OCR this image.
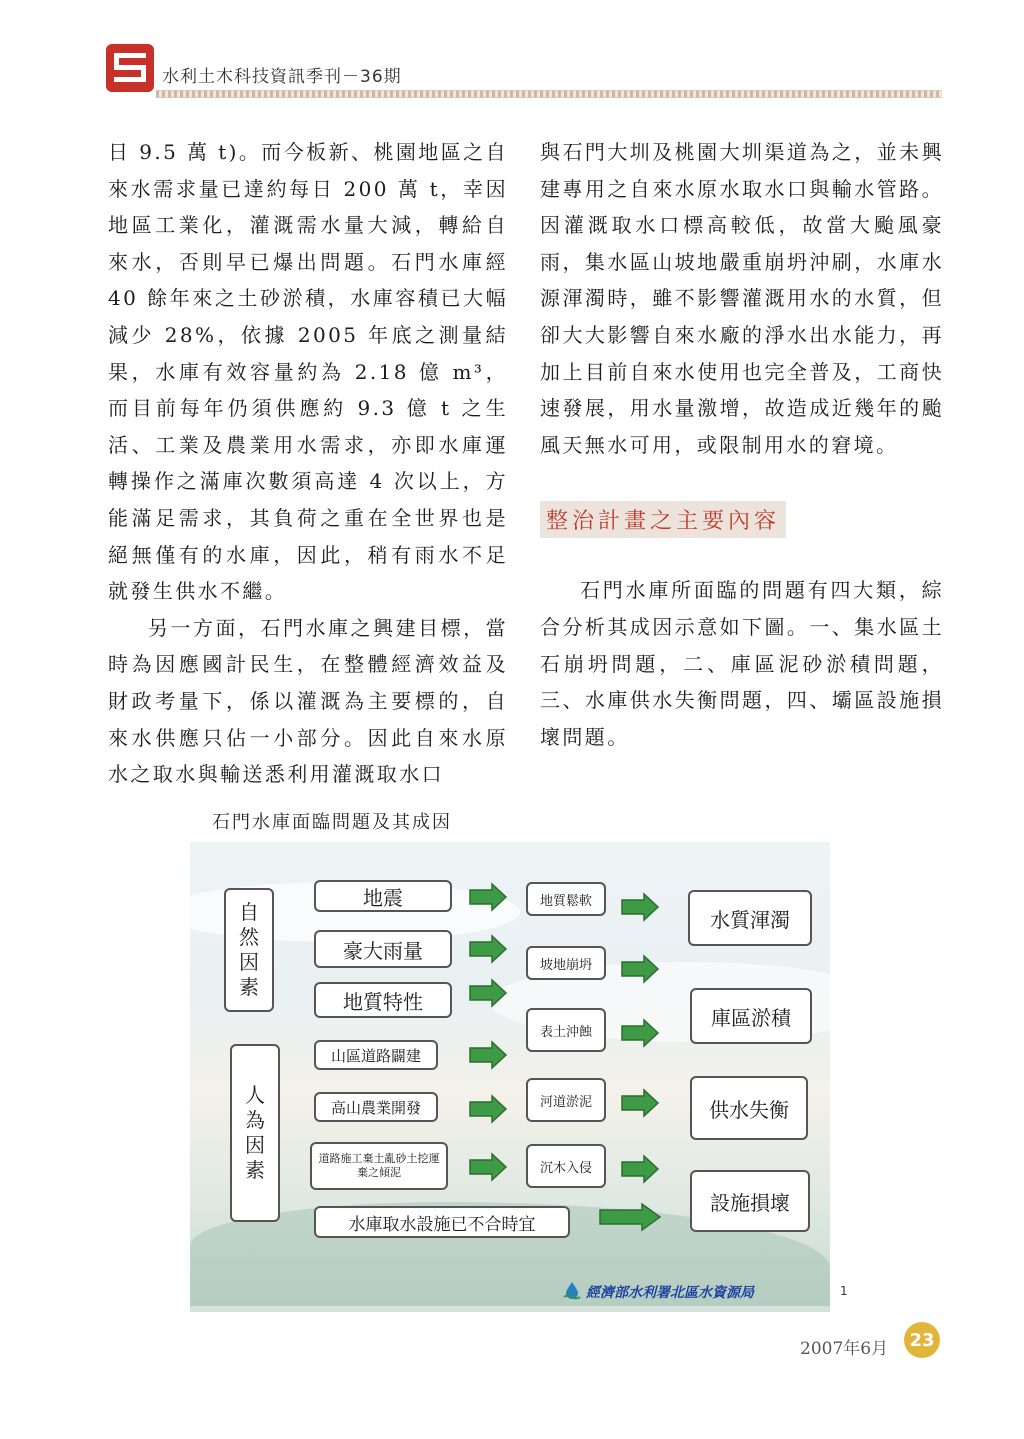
水利土木科技資訊季刊－36期

日 9.5 萬 t)。而今板新、桃園地區之自來水需求量已達約每日 200 萬 t，幸因地區工業化，灌溉需水量大減，轉給自來水，否則早已爆出問題。石門水庫經40 餘年來之土砂淤積，水庫容積已大幅減少 28%，依據 2005 年底之測量結果，水庫有效容量約為 2.18 億 m³，而目前每年仍須供應約 9.3 億 t 之生活、工業及農業用水需求，亦即水庫運轉操作之滿庫次數須高達 4 次以上，方能滿足需求，其負荷之重在全世界也是絕無僅有的水庫，因此，稍有雨水不足就發生供水不繼。

另一方面，石門水庫之興建目標，當時為因應國計民生，在整體經濟效益及財政考量下，係以灌溉為主要標的，自來水供應只佔一小部分。因此自來水原水之取水與輸送悉利用灌溉取水口

與石門大圳及桃園大圳渠道為之，並未興建專用之自來水原水取水口與輸水管路。因灌溉取水口標高較低，故當大颱風豪雨，集水區山坡地嚴重崩坍沖刷，水庫水源渾濁時，雖不影響灌溉用水的水質，但卻大大影響自來水廠的淨水出水能力，再加上目前自來水使用也完全普及，工商快速發展，用水量激增，故造成近幾年的颱風天無水可用，或限制用水的窘境。

整治計畫之主要內容

石門水庫所面臨的問題有四大類，綜合分析其成因示意如下圖。一、集水區土石崩坍問題，二、庫區泥砂淤積問題，三、水庫供水失衡問題，四、壩區設施損壞問題。

石門水庫面臨問題及其成因
自
然
因
素
人
為
因
素
地震
豪大雨量
地質特性
山區道路闢建
高山農業開發
道路施工棄土亂砂土挖運棄之傾泥
水庫取水設施已不合時宜
地質鬆軟
坡地崩坍
表土沖蝕
河道淤泥
沉木入侵
水質渾濁
庫區淤積
供水失衡
設施損壞
經濟部水利署北區水資源局	1
2007年6月	23
